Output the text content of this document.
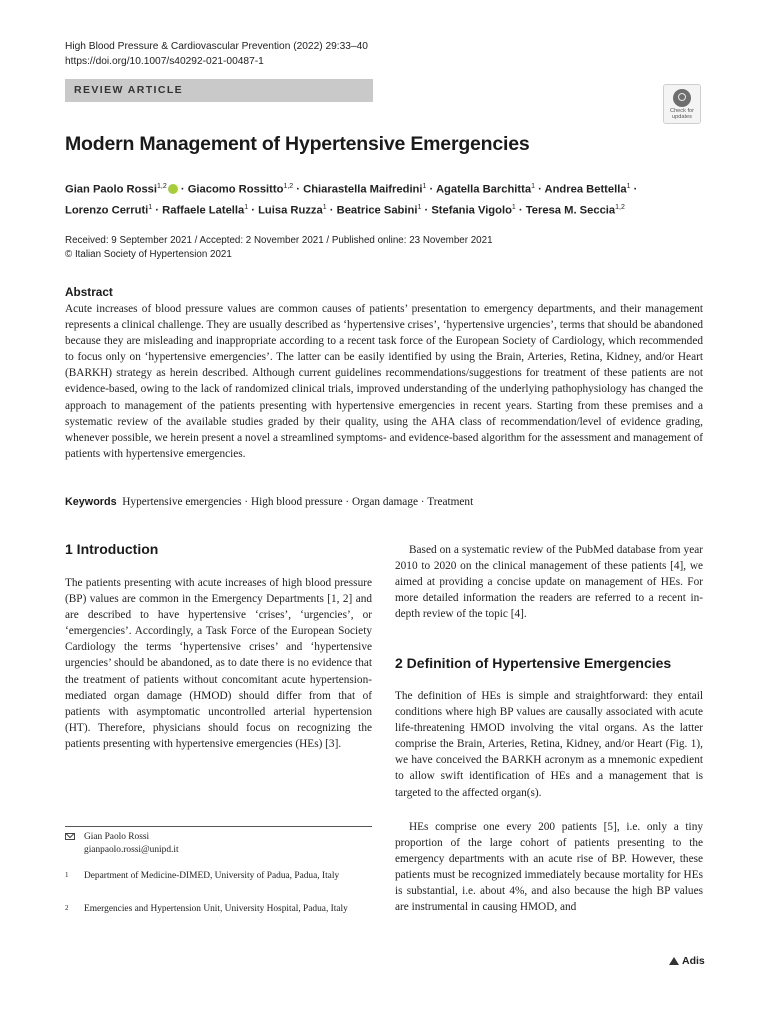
High Blood Pressure & Cardiovascular Prevention (2022) 29:33–40
https://doi.org/10.1007/s40292-021-00487-1
REVIEW ARTICLE
Check for
updates
Modern Management of Hypertensive Emergencies
Gian Paolo Rossi$^{1,2}$ · Giacomo Rossitto$^{1,2}$ · Chiarastella Maifredini$^1$ · Agatella Barchitta$^1$ · Andrea Bettella$^1$ ·
Lorenzo Cerruti$^1$ · Raffaele Latella$^1$ · Luisa Ruzza$^1$ · Beatrice Sabini$^1$ · Stefania Vigolo$^1$ · Teresa M. Seccia$^{1,2}$
Received: 9 September 2021 / Accepted: 2 November 2021 / Published online: 23 November 2021
© Italian Society of Hypertension 2021
Abstract
Acute increases of blood pressure values are common causes of patients’ presentation to emergency departments, and their management represents a clinical challenge. They are usually described as ‘hypertensive crises’, ‘hypertensive urgencies’, terms that should be abandoned because they are misleading and inappropriate according to a recent task force of the European Society of Cardiology, which recommended to focus only on ‘hypertensive emergencies’. The latter can be easily identified by using the Brain, Arteries, Retina, Kidney, and/or Heart (BARKH) strategy as herein described. Although current guidelines recommendations/suggestions for treatment of these patients are not evidence-based, owing to the lack of randomized clinical trials, improved understanding of the underlying pathophysiology has changed the approach to management of the patients presenting with hypertensive emergencies in recent years. Starting from these premises and a systematic review of the available studies graded by their quality, using the AHA class of recommendation/level of evidence grading, whenever possible, we herein present a novel a streamlined symptoms- and evidence-based algorithm for the assessment and management of patients with hypertensive emergencies.
Keywords Hypertensive emergencies · High blood pressure · Organ damage · Treatment
1 Introduction
The patients presenting with acute increases of high blood pressure (BP) values are common in the Emergency Departments [1, 2] and are described to have hypertensive ‘crises’, ‘urgencies’, or ‘emergencies’. Accordingly, a Task Force of the European Society Cardiology the terms ‘hypertensive crises’ and ‘hypertensive urgencies’ should be abandoned, as to date there is no evidence that the treatment of patients without concomitant acute hypertension-mediated organ damage (HMOD) should differ from that of patients with asymptomatic uncontrolled arterial hypertension (HT). Therefore, physicians should focus on recognizing the patients presenting with hypertensive emergencies (HEs) [3].
Gian Paolo Rossi
gianpaolo.rossi@unipd.it
1 Department of Medicine-DIMED, University of Padua, Padua, Italy
2 Emergencies and Hypertension Unit, University Hospital, Padua, Italy
Based on a systematic review of the PubMed database from year 2010 to 2020 on the clinical management of these patients [4], we aimed at providing a concise update on management of HEs. For more detailed information the readers are referred to a recent in-depth review of the topic [4].
2 Definition of Hypertensive Emergencies
The definition of HEs is simple and straightforward: they entail conditions where high BP values are causally associated with acute life-threatening HMOD involving the vital organs. As the latter comprise the Brain, Arteries, Retina, Kidney, and/or Heart (Fig. 1), we have conceived the BARKH acronym as a mnemonic expedient to allow swift identification of HEs and a management that is targeted to the affected organ(s).
HEs comprise one every 200 patients [5], i.e. only a tiny proportion of the large cohort of patients presenting to the emergency departments with an acute rise of BP. However, these patients must be recognized immediately because mortality for HEs is substantial, i.e. about 4%, and also because the high BP values are instrumental in causing HMOD, and
Adis
